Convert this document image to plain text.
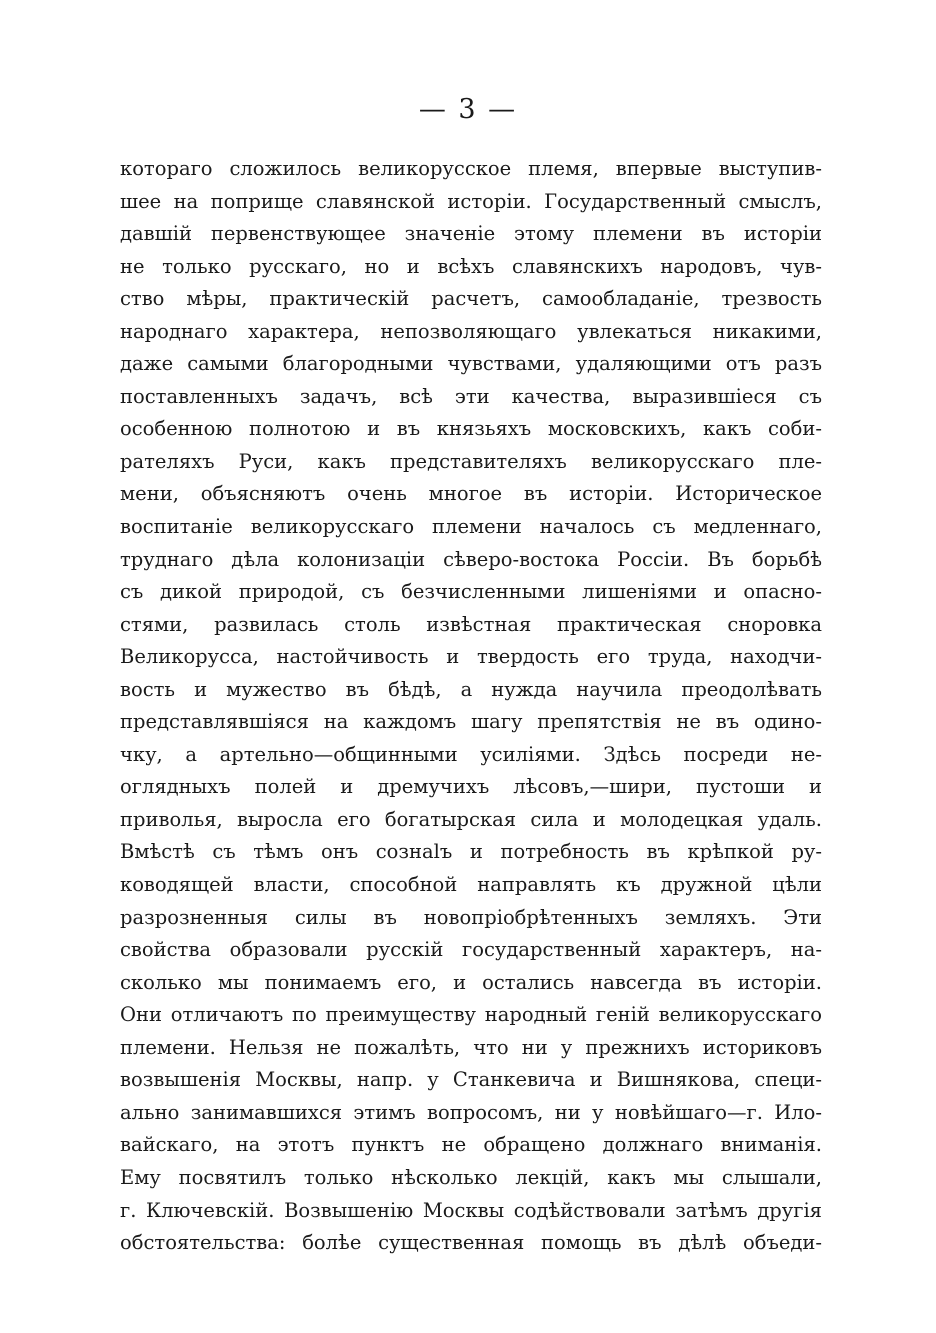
— 3 —
котораго сложилось великорусское племя, впервые выступив-
шее на поприще славянской исторіи. Государственный смыслъ,
давшій первенствующее значеніе этому племени въ исторіи
не только русскаго, но и всѣхъ славянскихъ народовъ, чув-
ство мѣры, практическій расчетъ, самообладаніе, трезвость
народнаго характера, непозволяющаго увлекаться никакими,
даже самыми благородными чувствами, удаляющими отъ разъ
поставленныхъ задачъ, всѣ эти качества, выразившіеся съ
особенною полнотою и въ князьяхъ московскихъ, какъ соби-
рателяхъ Руси, какъ представителяхъ великорусскаго пле-
мени, объясняютъ очень многое въ исторіи. Историческое
воспитаніе великорусскаго племени началось съ медленнаго,
труднаго дѣла колонизаціи сѣверо-востока Россіи. Въ борьбѣ
съ дикой природой, съ безчисленными лишеніями и опасно-
стями, развилась столь извѣстная практическая сноровка
Великорусса, настойчивость и твердость его труда, находчи-
вость и мужество въ бѣдѣ, а нужда научила преодолѣвать
представлявшіяся на каждомъ шагу препятствія не въ одино-
чку, а артельно—общинными усиліями. Здѣсь посреди не-
оглядныхъ полей и дремучихъ лѣсовъ,—шири, пустоши и
приволья, выросла его богатырская сила и молодецкая удаль.
Вмѣстѣ съ тѣмъ онъ сознalъ и потребность въ крѣпкой ру-
ководящей власти, способной направлять къ дружной цѣли
разрозненныя силы въ новопріобрѣтенныхъ земляхъ. Эти
свойства образовали русскій государственный характеръ, на-
сколько мы понимаемъ его, и остались навсегда въ исторіи.
Они отличаютъ по преимуществу народный геній великорусскаго
племени. Нельзя не пожалѣть, что ни у прежнихъ историковъ
возвышенія Москвы, напр. у Станкевича и Вишнякова, специ-
ально занимавшихся этимъ вопросомъ, ни у новѣйшаго—г. Ило-
вайскаго, на этотъ пунктъ не обращено должнаго вниманія.
Ему посвятилъ только нѣсколько лекцій, какъ мы слышали,
г. Ключевскій. Возвышенію Москвы содѣйствовали затѣмъ другія
обстоятельства: болѣе существенная помощь въ дѣлѣ объеди-
